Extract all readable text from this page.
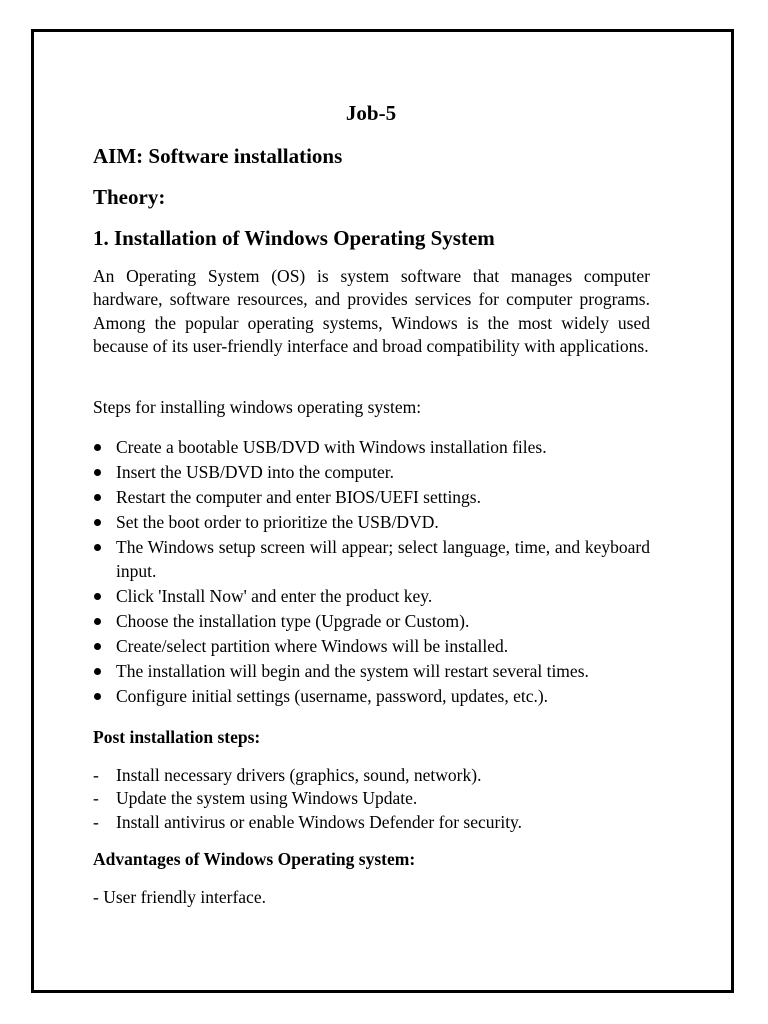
Job-5
AIM: Software installations
Theory:
1. Installation of Windows Operating System

An Operating System (OS) is system software that manages computer hardware, software resources, and provides services for computer programs. Among the popular operating systems, Windows is the most widely used because of its user-friendly interface and broad compatibility with applications.

Steps for installing windows operating system:

Create a bootable USB/DVD with Windows installation files.
Insert the USB/DVD into the computer.
Restart the computer and enter BIOS/UEFI settings.
Set the boot order to prioritize the USB/DVD.
The Windows setup screen will appear; select language, time, and keyboard input.
Click 'Install Now' and enter the product key.
Choose the installation type (Upgrade or Custom).
Create/select partition where Windows will be installed.
The installation will begin and the system will restart several times.
Configure initial settings (username, password, updates, etc.).

Post installation steps:

- Install necessary drivers (graphics, sound, network).
- Update the system using Windows Update.
- Install antivirus or enable Windows Defender for security.

Advantages of Windows Operating system:

- User friendly interface.
